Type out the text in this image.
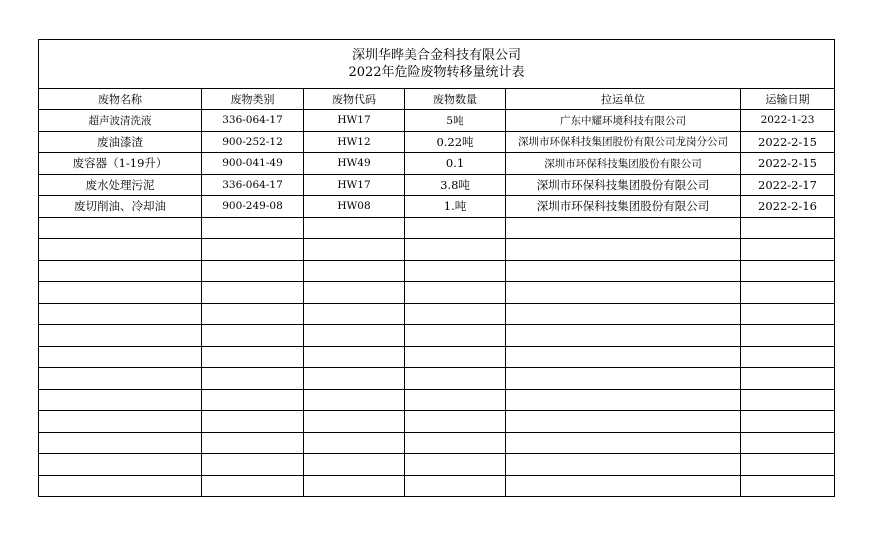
深圳华晔美合金科技有限公司
2022年危险废物转移量统计表					

废物名称	废物类别	废物代码	废物数量	拉运单位	运输日期
超声波清洗液	336-064-17	HW17	5吨	广东中耀环境科技有限公司	2022-1-23
废油漆渣	900-252-12	HW12	0.22吨	深圳市环保科技集团股份有限公司龙岗分公司	2022-2-15
废容器（1-19升）	900-041-49	HW49	0.1	深圳市环保科技集团股份有限公司	2022-2-15
废水处理污泥	336-064-17	HW17	3.8吨	深圳市环保科技集团股份有限公司	2022-2-17
废切削油、冷却油	900-249-08	HW08	1.吨	深圳市环保科技集团股份有限公司	2022-2-16
